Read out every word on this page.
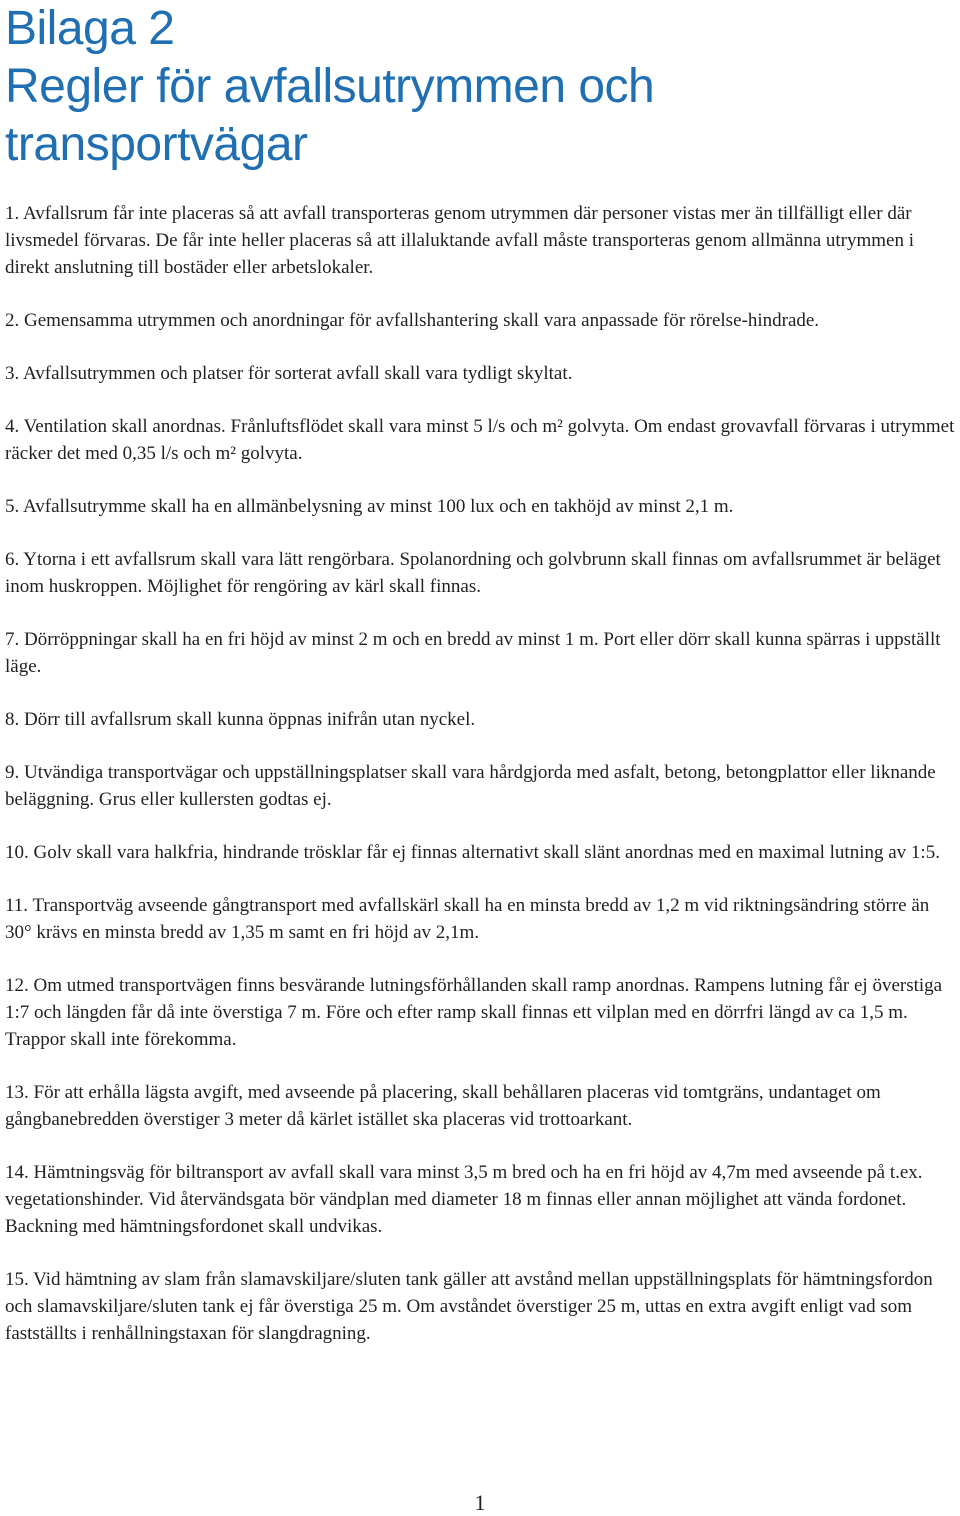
Bilaga 2
Regler för avfallsutrymmen och
transportvägar

1. Avfallsrum får inte placeras så att avfall transporteras genom utrymmen där personer vistas mer än tillfälligt eller där livsmedel förvaras. De får inte heller placeras så att illaluktande avfall måste transporteras genom allmänna utrymmen i direkt anslutning till bostäder eller arbetslokaler.

2. Gemensamma utrymmen och anordningar för avfallshantering skall vara anpassade för rörelse-hindrade.

3. Avfallsutrymmen och platser för sorterat avfall skall vara tydligt skyltat.

4. Ventilation skall anordnas. Frånluftsflödet skall vara minst 5 l/s och m² golvyta. Om endast grovavfall förvaras i utrymmet räcker det med 0,35 l/s och m² golvyta.

5. Avfallsutrymme skall ha en allmänbelysning av minst 100 lux och en takhöjd av minst 2,1 m.

6. Ytorna i ett avfallsrum skall vara lätt rengörbara. Spolanordning och golvbrunn skall finnas om avfallsrummet är beläget inom huskroppen. Möjlighet för rengöring av kärl skall finnas.

7. Dörröppningar skall ha en fri höjd av minst 2 m och en bredd av minst 1 m. Port eller dörr skall kunna spärras i uppställt läge.

8. Dörr till avfallsrum skall kunna öppnas inifrån utan nyckel.

9. Utvändiga transportvägar och uppställningsplatser skall vara hårdgjorda med asfalt, betong, betongplattor eller liknande beläggning. Grus eller kullersten godtas ej.

10. Golv skall vara halkfria, hindrande trösklar får ej finnas alternativt skall slänt anordnas med en maximal lutning av 1:5.

11. Transportväg avseende gångtransport med avfallskärl skall ha en minsta bredd av 1,2 m vid riktningsändring större än 30° krävs en minsta bredd av 1,35 m samt en fri höjd av 2,1m.

12. Om utmed transportvägen finns besvärande lutningsförhållanden skall ramp anordnas. Rampens lutning får ej överstiga 1:7 och längden får då inte överstiga 7 m. Före och efter ramp skall finnas ett vilplan med en dörrfri längd av ca 1,5 m. Trappor skall inte förekomma.

13. För att erhålla lägsta avgift, med avseende på placering, skall behållaren placeras vid tomtgräns, undantaget om gångbanebredden överstiger 3 meter då kärlet istället ska placeras vid trottoarkant.

14. Hämtningsväg för biltransport av avfall skall vara minst 3,5 m bred och ha en fri höjd av 4,7m med avseende på t.ex. vegetationshinder. Vid återvändsgata bör vändplan med diameter 18 m finnas eller annan möjlighet att vända fordonet. Backning med hämtningsfordonet skall undvikas.

15. Vid hämtning av slam från slamavskiljare/sluten tank gäller att avstånd mellan uppställningsplats för hämtningsfordon och slamavskiljare/sluten tank ej får överstiga 25 m. Om avståndet överstiger 25 m, uttas en extra avgift enligt vad som fastställts i renhållningstaxan för slangdragning.

1
